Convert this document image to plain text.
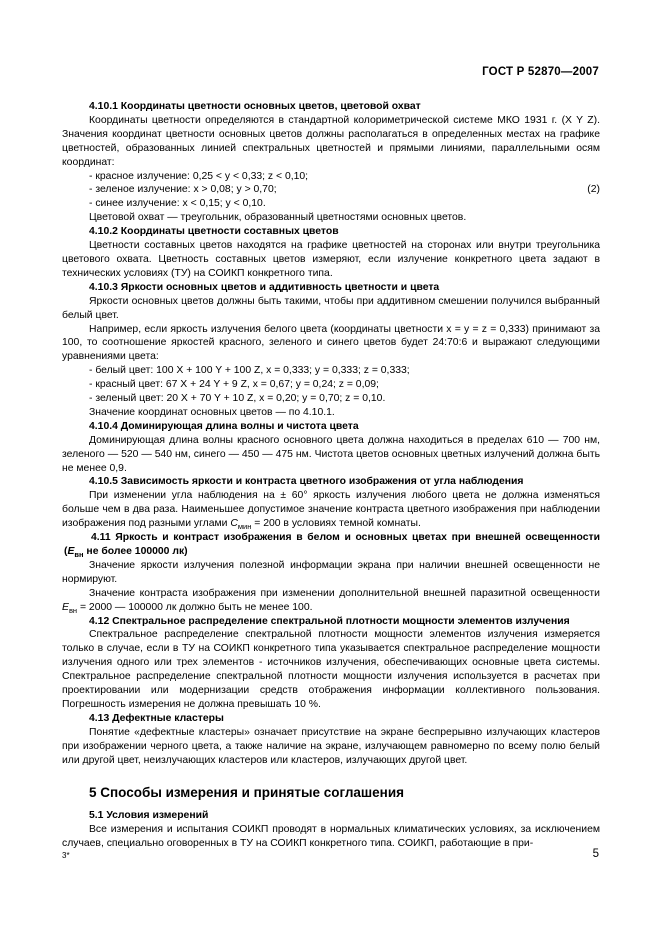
ГОСТ Р 52870—2007

4.10.1 Координаты цветности основных цветов, цветовой охват

Координаты цветности определяются в стандартной колориметрической системе МКО 1931 г. (X Y Z). Значения координат цветности основных цветов должны располагаться в определенных местах на графике цветностей, образованных линией спектральных цветностей и прямыми линиями, параллельными осям координат:

- красное излучение: 0,25 < y < 0,33; z < 0,10;

- зеленое излучение: x > 0,08; y > 0,70;	(2)

- синее излучение: x < 0,15; y < 0,10.

Цветовой охват — треугольник, образованный цветностями основных цветов.

4.10.2 Координаты цветности составных цветов

Цветности составных цветов находятся на графике цветностей на сторонах или внутри треугольника цветового охвата. Цветность составных цветов измеряют, если излучение конкретного цвета задают в технических условиях (ТУ) на СОИКП конкретного типа.

4.10.3 Яркости основных цветов и аддитивность цветности и цвета

Яркости основных цветов должны быть такими, чтобы при аддитивном смешении получился выбранный белый цвет.

Например, если яркость излучения белого цвета (координаты цветности x = y = z = 0,333) принимают за 100, то соотношение яркостей красного, зеленого и синего цветов будет 24:70:6 и выражают следующими уравнениями цвета:

- белый цвет: 100 X + 100 Y + 100 Z, x = 0,333; y = 0,333; z = 0,333;

- красный цвет: 67 X + 24 Y + 9 Z, x = 0,67; y = 0,24; z = 0,09;

- зеленый цвет: 20 X + 70 Y + 10 Z, x = 0,20; y = 0,70; z = 0,10.

Значение координат основных цветов — по 4.10.1.

4.10.4 Доминирующая длина волны и чистота цвета

Доминирующая длина волны красного основного цвета должна находиться в пределах 610 — 700 нм, зеленого — 520 — 540 нм, синего — 450 — 475 нм. Чистота цветов основных цветных излучений должна быть не менее 0,9.

4.10.5 Зависимость яркости и контраста цветного изображения от угла наблюдения

При изменении угла наблюдения на ± 60° яркость излучения любого цвета не должна изменяться больше чем в два раза. Наименьшее допустимое значение контраста цветного изображения при наблюдении изображения под разными углами $C_{мин} = 200$ в условиях темной комнаты.

4.11 Яркость и контраст изображения в белом и основных цветах при внешней освещенности ($E_{вн}$ не более 100000 лк)

Значение яркости излучения полезной информации экрана при наличии внешней освещенности не нормируют.

Значение контраста изображения при изменении дополнительной внешней паразитной освещенности $E_{вн} = 2000$ — 100000 лк должно быть не менее 100.

4.12 Спектральное распределение спектральной плотности мощности элементов излучения

Спектральное распределение спектральной плотности мощности элементов излучения измеряется только в случае, если в ТУ на СОИКП конкретного типа указывается спектральное распределение мощности излучения одного или трех элементов - источников излучения, обеспечивающих основные цвета системы. Спектральное распределение спектральной плотности мощности излучения используется в расчетах при проектировании или модернизации средств отображения информации коллективного пользования. Погрешность измерения не должна превышать 10 %.

4.13 Дефектные кластеры

Понятие «дефектные кластеры» означает присутствие на экране беспрерывно излучающих кластеров при изображении черного цвета, а также наличие на экране, излучающем равномерно по всему полю белый или другой цвет, неизлучающих кластеров или кластеров, излучающих другой цвет.

5 Способы измерения и принятые соглашения

5.1 Условия измерений

Все измерения и испытания СОИКП проводят в нормальных климатических условиях, за исключением случаев, специально оговоренных в ТУ на СОИКП конкретного типа. СОИКП, работающие в при-

3*	5
